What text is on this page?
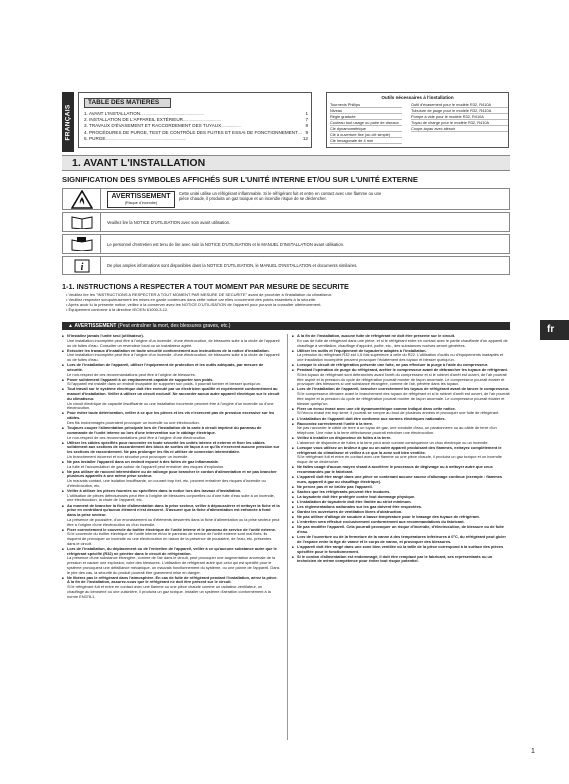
FRANÇAIS
TABLE DES MATIERES
1. AVANT L'INSTALLATION ...........................................................	1
2. INSTALLATION DE L'APPAREIL EXTÉRIEUR ...................................	7
3. TRAVAUX D'ÉVASEMENT ET RACCORDEMENT DES TUYAUX ..................	8
4. PROCÉDURES DE PURGE, TEST DE CONTRÔLE DES FUITES ET ESSAI DE FONCTIONNEMENT .... 9
5. PURGE ...........................................................................	12
Outils nécessaires à l'installation
Tournevis Phillips
Niveau
Règle graduée
Couteau tout usage ou paire de ciseaux
Clé dynamométrique
Clé à ouverture fixe (ou clé simple)
Clé hexagonale de 4 mm
Outil d'évasement pour le modèle R32, R410A
Tubulure de jauge pour le modèle R32, R410A
Pompe à vide pour le modèle R32, R410A
Tuyau de charge pour le modèle R32, R410A
Coupe-tuyau avec alésoir
1. AVANT L'INSTALLATION
SIGNIFICATION DES SYMBOLES AFFICHÉS SUR L'UNITÉ INTERNE ET/OU SUR L'UNITÉ EXTERNE
AVERTISSEMENT
(Risque d'incendie)
Cette unité utilise un réfrigérant inflammable. Si le réfrigérant fuit et entre en contact avec une flamme ou une pièce chaude, il produira un gaz toxique et un incendie risque de se déclencher.
Veuillez lire la NOTICE D'UTILISATION avec soin avant utilisation.
Le personnel d'entretien est tenu de lire avec soin la NOTICE D'UTILISATION et le MANUEL D'INSTALLATION avant utilisation.
i	De plus amples informations sont disponibles dans la NOTICE D'UTILISATION, le MANUEL D'INSTALLATION et documents similaires.
1-1. INSTRUCTIONS A RESPECTER A TOUT MOMENT PAR MESURE DE SECURITE
• Veuillez lire les "INSTRUCTIONS A RESPECTER A TOUT MOMENT PAR MESURE DE SECURITE" avant de procéder à l'installation du climatiseur.
• Veuillez respecter scrupuleusement les mises en garde contenues dans cette notice car elles concernent des points essentiels à la sécurité.
• Après avoir lu la présente notice, veillez à la conserver avec les NOTICE D'UTILISATION de l'appareil pour pouvoir la consulter ultérieurement.
• Équipement conforme à la directive IEC/EN 61000-3-12.
▲ AVERTISSEMENT (Peut entraîner la mort, des blessures graves, etc.)
■ N'installez jamais l'unité seul (utilisateur).
Une installation incomplète peut être à l'origine d'un incendie, d'une électrocution, de blessures suite à la chute de l'appareil ou de fuites d'eau. Consulter un revendeur local ou un installateur agréé.
■ Exécuter les travaux d'installation en toute sécurité conformément aux instructions de la notice d'installation.
Une installation incomplète peut être à l'origine d'un incendie, d'une électrocution, de blessures suite à la chute de l'appareil ou de fuites d'eau.
■ Lors de l'installation de l'appareil, utiliser l'équipement de protection et les outils adéquats, par mesure de sécurité.
Le non-respect de ces recommandations peut être à l'origine de blessures.
■ Poser solidement l'appareil à un emplacement capable de supporter son poids.
Si l'appareil est installé dans un endroit incapable de supporter son poids, il pourrait tomber et blesser quelqu'un.
■ Tout travail sur le système électrique doit être exécuté par un électricien qualifié et expérimenté conformément au manuel d'installation. Veiller à utiliser un circuit exclusif. Ne raccorder aucun autre appareil électrique sur le circuit du climatiseur.
Un circuit électrique de capacité insuffisante ou une installation incorrecte peuvent être à l'origine d'un incendie ou d'une électrocution.
■ Pour éviter toute détérioration, veiller à ce que les pièces et les vis n'exercent pas de pression excessive sur les câbles.
Des fils endommagés pourraient provoquer un incendie ou une électrocution.
■ Toujours couper l'alimentation principale lors de l'installation de la carte à circuit imprimé du panneau de commande de l'unité interne ou lors d'une intervention sur le câblage électrique.
Le non-respect de ces recommandations peut être à l'origine d'une électrocution.
■ Utiliser les câbles spécifiés pour raccorder en toute sécurité les unités interne et externe et fixer les câbles solidement aux sections de raccordement des blocs de sorties de façon à ce qu'ils n'exercent aucune pression sur les sections de raccordement. Ne pas prolonger les fils ni utiliser de connexion intermédiaire.
Un branchement incorrect et non sécurisé peut provoquer un incendie.
■ Ne pas installer l'appareil dans un endroit exposé à des fuites de gaz inflammable.
La fuite et l'accumulation de gaz autour de l'appareil peut entraîner des risques d'explosion.
■ Ne pas utiliser de raccord intermédiaire ou de rallonge pour brancher le cordon d'alimentation et ne pas brancher plusieurs appareils à une même prise secteur.
Un mauvais contact, une isolation insuffisante, un courant trop fort, etc. peuvent entraîner des risques d'incendie ou d'électrocution, etc.
■ Veiller à utiliser les pièces fournies ou spécifiées dans la notice lors des travaux d'installation.
L'utilisation de pièces défectueuses peut être à l'origine de blessures corporelles ou d'une fuite d'eau suite à un incendie, une électrocution, la chute de l'appareil, etc.
■ Au moment de brancher la fiche d'alimentation dans la prise secteur, veiller à dépoussiérer et nettoyer la fiche et la prise en contrôlant qu'aucun élément n'est desserré. S'assurer que la fiche d'alimentation est enfoncée à fond dans la prise secteur.
La présence de poussière, d'un encrassement ou d'éléments desserrés dans la fiche d'alimentation ou la prise secteur peut être à l'origine d'une électrocution ou d'un incendie.
■ Fixer correctement le couvercle du boîtier électrique de l'unité interne et le panneau de service de l'unité externe.
Si le couvercle du boîtier électrique de l'unité interne et/ou le panneau de service de l'unité externe sont mal fixés, ils risquent de provoquer un incendie ou une électrocution en raison de la présence de poussière, de l'eau, etc. présentes dans le circuit.
■ Lors de l'installation, du déplacement ou de l'entretien de l'appareil, veiller à ce qu'aucune substance autre que le réfrigérant spécifié (R32) ne pénètre dans le circuit de réfrigération.
La présence d'une substance étrangère, comme de l'air dans le circuit, peut provoquer une augmentation anormale de la pression et causer une explosion, voire des blessures. L'utilisation de réfrigérant autre que celui qui est spécifié pour le système provoquera une défaillance mécanique, un mauvais fonctionnement du système, ou une panne de l'appareil. Dans le pire des cas, la sécurité du produit pourrait être gravement mise en danger.
■ Ne libérez pas le réfrigérant dans l'atmosphère. En cas de fuite de réfrigérant pendant l'installation, aérez la pièce. À la fin de l'installation, assurez-vous que le réfrigérant ne doit être présent sur le circuit.
Si le réfrigérant fuit et entre en contact avec une flamme ou une pièce chaude comme un radiateur-ventilateur, un chauffage au kérosène ou une cuisinière, il produira un gaz toxique. Installer un système d'aération conformément à la norme EN378-1.
■ À la fin de l'installation, aucune fuite de réfrigérant ne doit être présente sur le circuit.
En cas de fuite de réfrigérant dans une pièce, et si le réfrigérant entre en contact avec le partie chauffante d'un appareil de chauffage à ventilation, chauffage d'appoint, poêle, etc., des substances nocives seront générées.
■ Utiliser les outils et l'équipement de tuyauterie adaptés à l'installation.
La pression du réfrigérant R32 est 1,6 fois supérieure à celle du R22. L'utilisation d'outils ou d'équipements inadaptés et une installation incomplète peuvent provoquer l'éclatement des tuyaux et blesser quelqu'un.
■ Lorsque le circuit de réfrigération présente une fuite, ne pas effectuer la purge à l'aide du compresseur.
■ Pendant l'opération de purge du réfrigérant, arrêter le compresseur avant de débrancher les tuyaux de réfrigérant.
Si les tuyaux de réfrigérant sont débranchés avant l'arrêt du compresseur et si le robinet d'arrêt est ouvert, de l'air pourrait être aspiré et la pression du cycle de réfrigération pourrait monter de façon anormale. Le compresseur pourrait éclater et provoquer des blessures si une substance étrangère, comme de l'air, pénètre dans les tuyaux.
■ Lors de l'installation de l'appareil, brancher correctement les tuyaux de réfrigérant avant de lancer le compresseur.
Si le compresseur démarre avant le branchement des tuyaux de réfrigérant et si le robinet d'arrêt est ouvert, de l'air pourrait être aspiré et la pression du cycle de réfrigération pourrait monter de façon anormale. Le compresseur pourrait éclater et blesser quelqu'un.
■ Fixer un écrou évasé avec une clé dynamométrique comme indiqué dans cette notice.
Si l'écrou évasé est trop serré, il pourrait se rompre au bout de plusieurs années et provoquer une fuite de réfrigérant.
■ L'installation de l'appareil doit être conforme aux normes électriques nationales.
■ Raccordez correctement l'unité à la terre.
Ne pas raccorder le câble de terre à un tuyau de gaz, une conduite d'eau, un paratonnerre ou au câble de terre d'un téléphone. Une mise à la terre défectueuse pourrait entraîner une électrocution.
■ Veillez à installer un disjoncteur de fuites à la terre.
L'absence de disjoncteur de fuites à la terre peut avoir comme conséquence un choc électrique ou un incendie.
■ Lorsque vous utilisez un brûleur à gaz ou un autre appareil produisant des flammes, extrayez complètement le réfrigérant du climatiseur et veillez à ce que la zone soit bien ventilée.
Si le réfrigérant fuit et entre en contact avec une flamme ou une pièce chaude, il produira un gaz toxique et un incendie risque de se déclencher.
■ Ne faites usage d'aucun moyen visant à accélérer le processus de dégivrage ou à nettoyer autre que ceux recommandés par le fabricant.
■ L'appareil doit être rangé dans une pièce ne contenant aucune source d'allumage continue (exemple : flammes nues, appareil à gaz ou chauffage électrique).
■ Ne percez pas et ne brûlez pas l'appareil.
■ Sachez que les réfrigérants peuvent être inodores.
■ La tuyauterie doit être protégée contre tout dommage physique.
■ L'installation de tuyauterie doit être limitée au strict minimum.
■ Les réglementations nationales sur les gaz doivent être respectées.
■ Gardez les ouvertures de ventilation libres d'obstruction.
■ Ne pas utiliser d'alliage de soudure à basse température pour le brasage des tuyaux de réfrigérant.
■ L'entretien sera effectué exclusivement conformément aux recommandations du fabricant.
■ Ne pas modifier l'appareil. Cela pourrait provoquer un risque d'incendie, d'électrocution, de blessure ou de fuite d'eau.
■ Lors de l'ouverture ou de la fermeture de la vanne à des températures inférieures à 0°C, du réfrigérant peut gicler de l'espace entre la tige de vanne et le corps de vanne, et provoquer des blessures.
■ L'appareil doit être rangé dans une zone bien ventilée où la taille de la pièce correspond à la surface des pièces spécifiée pour le fonctionnement.
■ Si le cordon d'alimentation est endommagé, il doit être remplacé par le fabricant, ses représentants ou un technicien de même compétence pour éviter tout risque potentiel.
fr
1
